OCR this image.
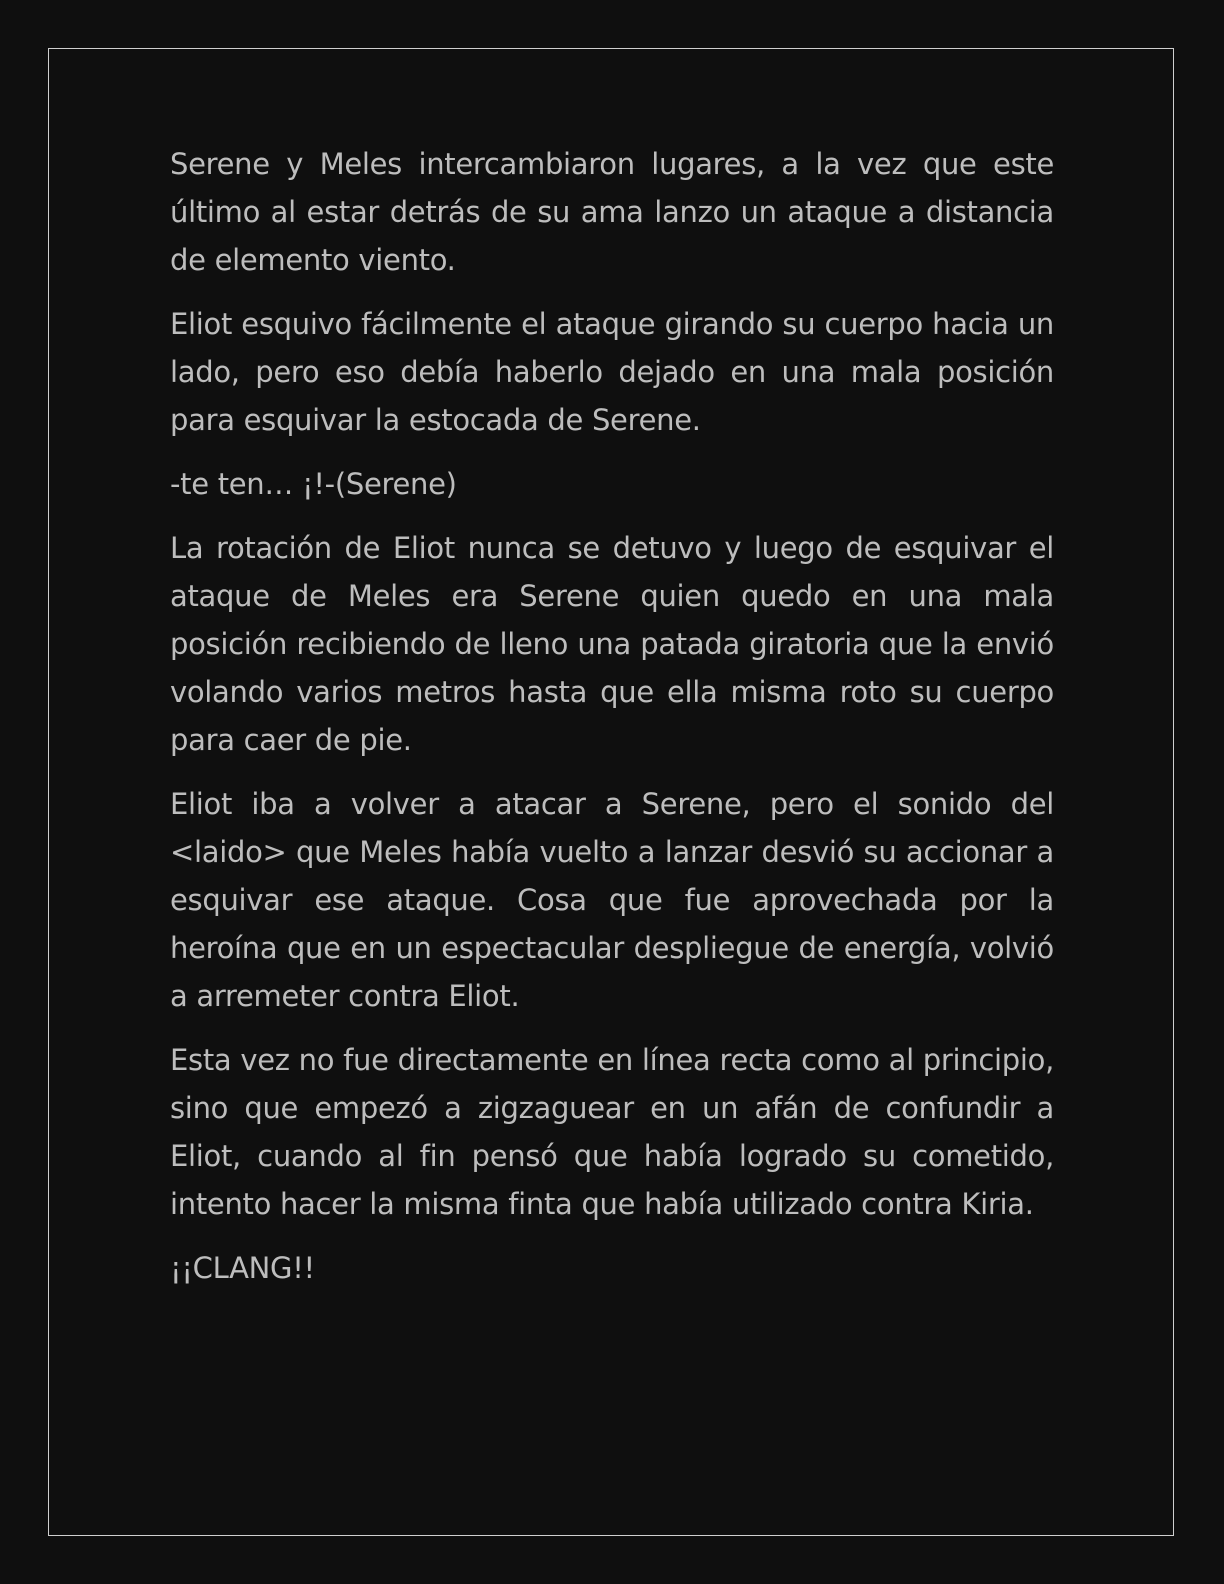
Serene y Meles intercambiaron lugares, a la vez que este último al estar detrás de su ama lanzo un ataque a distancia de elemento viento.

Eliot esquivo fácilmente el ataque girando su cuerpo hacia un lado, pero eso debía haberlo dejado en una mala posición para esquivar la estocada de Serene.

-te ten… ¡!-(Serene)

La rotación de Eliot nunca se detuvo y luego de esquivar el ataque de Meles era Serene quien quedo en una mala posición recibiendo de lleno una patada giratoria que la envió volando varios metros hasta que ella misma roto su cuerpo para caer de pie.

Eliot iba a volver a atacar a Serene, pero el sonido del <laido> que Meles había vuelto a lanzar desvió su accionar a esquivar ese ataque. Cosa que fue aprovechada por la heroína que en un espectacular despliegue de energía, volvió a arremeter contra Eliot.

Esta vez no fue directamente en línea recta como al principio, sino que empezó a zigzaguear en un afán de confundir a Eliot, cuando al fin pensó que había logrado su cometido, intento hacer la misma finta que había utilizado contra Kiria.

¡¡CLANG!!
